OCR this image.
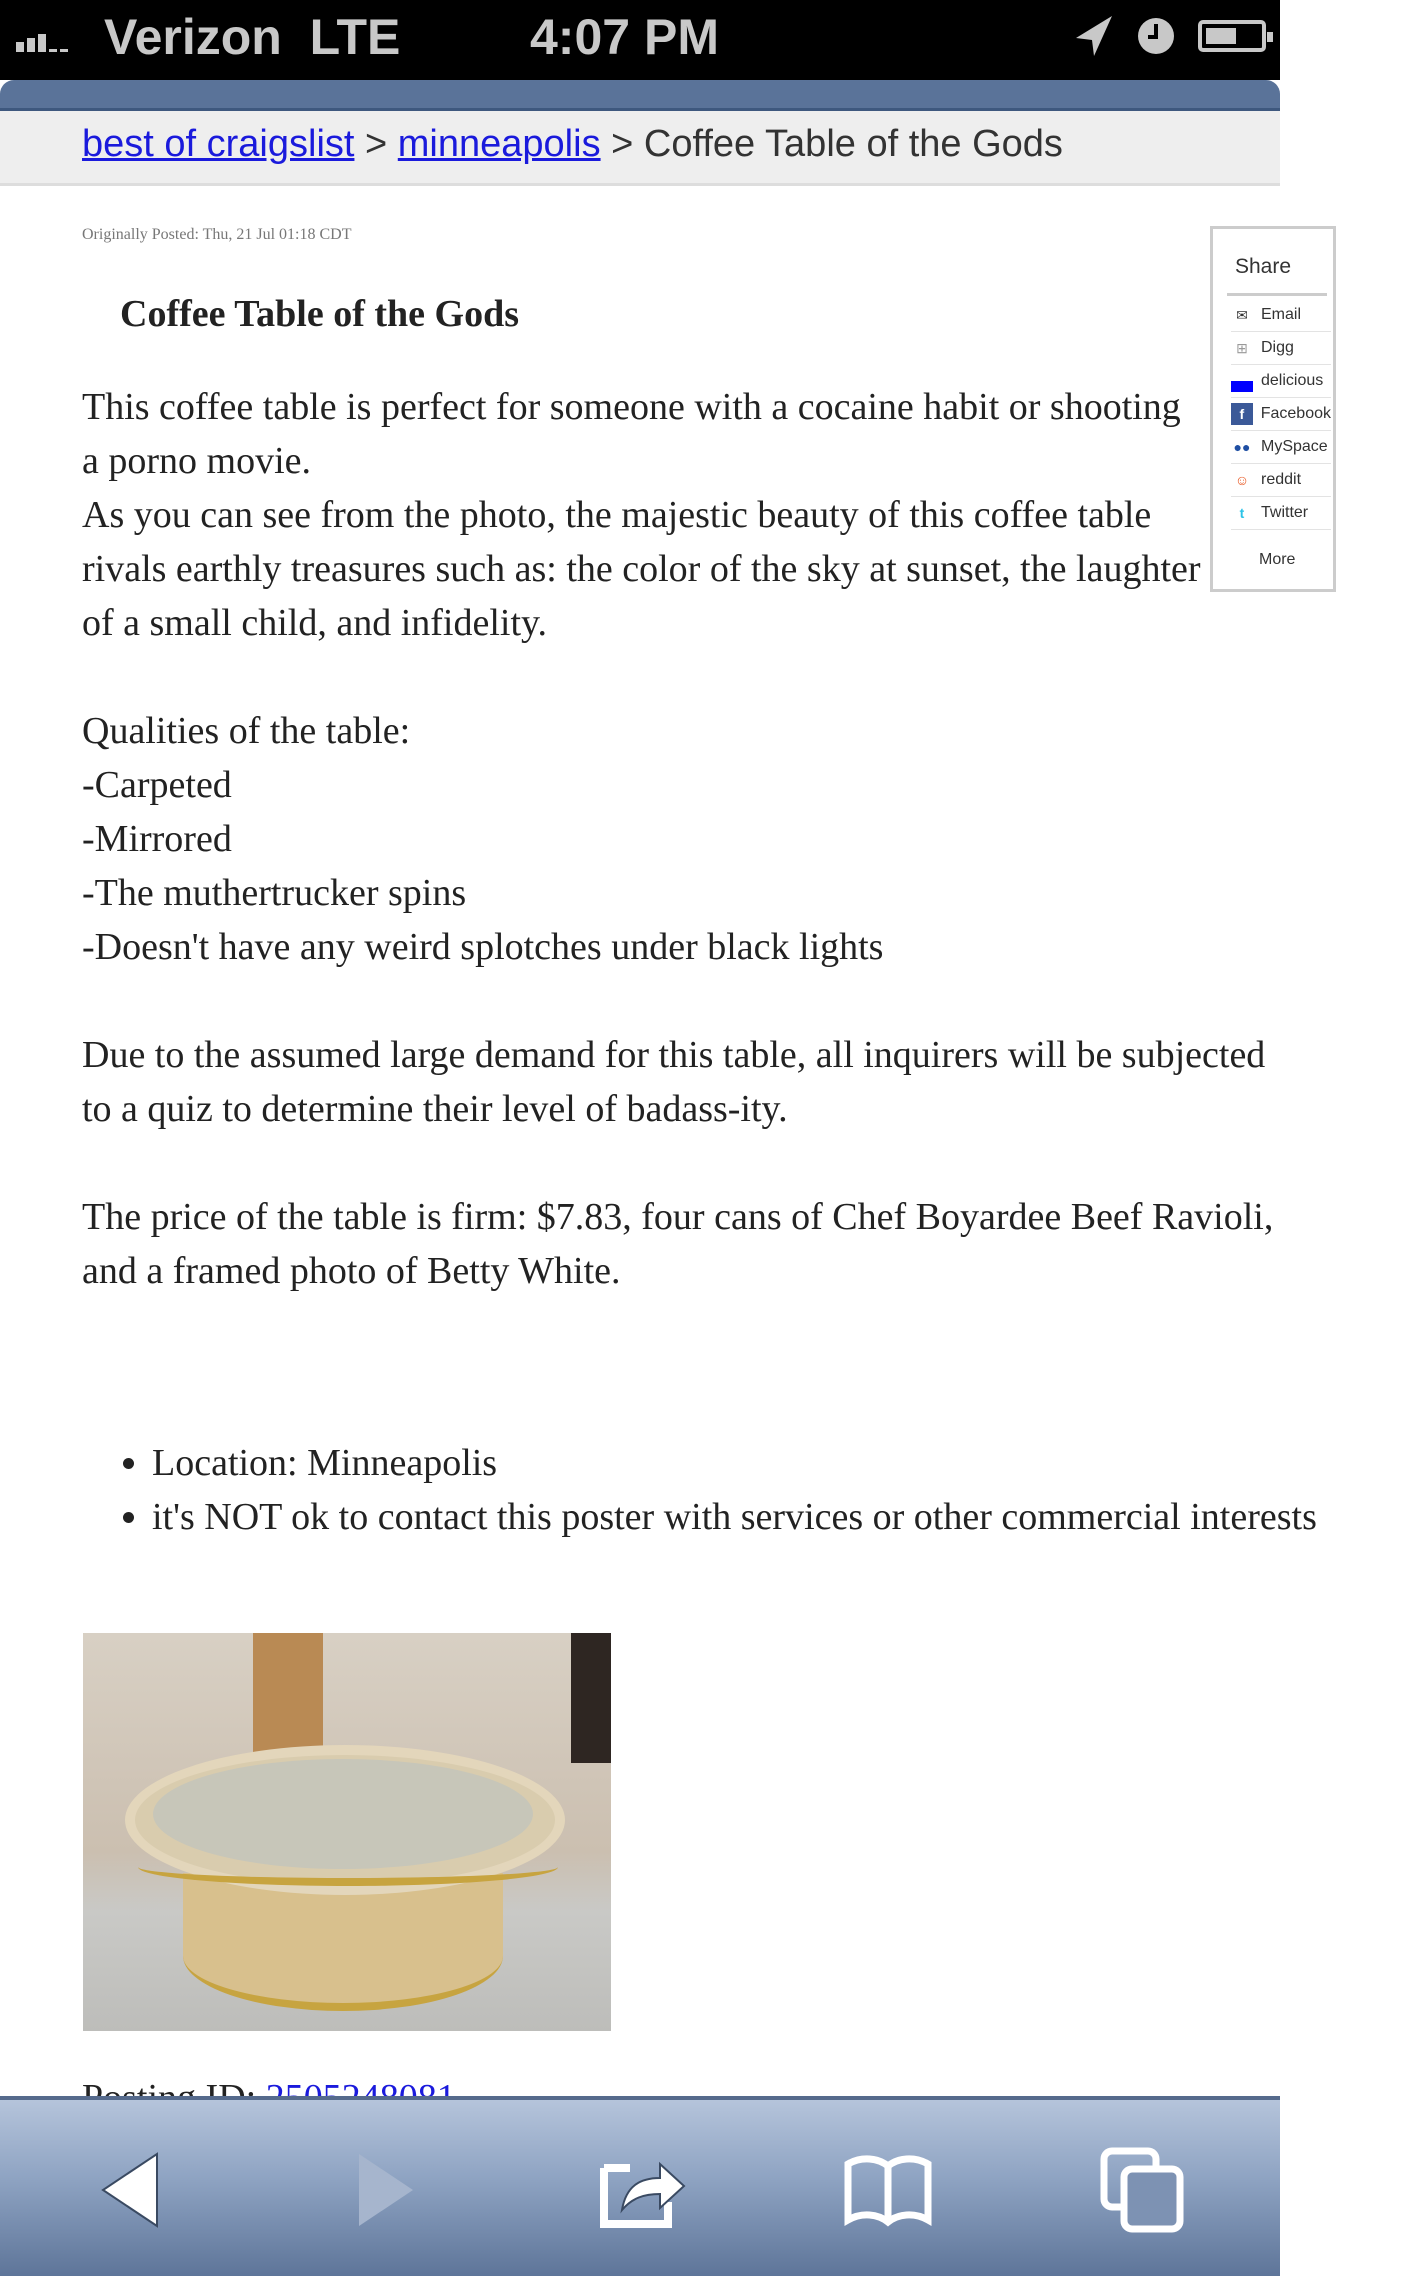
Verizon LTE	4:07 PM
best of craigslist > minneapolis > Coffee Table of the Gods
Originally Posted: Thu, 21 Jul 01:18 CDT
Coffee Table of the Gods

This coffee table is perfect for someone with a cocaine habit or shooting a porno movie.

As you can see from the photo, the majestic beauty of this coffee table rivals earthly treasures such as: the color of the sky at sunset, the laughter of a small child, and infidelity.

Qualities of the table:

-Carpeted

-Mirrored

-The muthertrucker spins

-Doesn't have any weird splotches under black lights

Due to the assumed large demand for this table, all inquirers will be subjected to a quiz to determine their level of badass-ity.

The price of the table is firm: $7.83, four cans of Chef Boyardee Beef Ravioli, and a framed photo of Betty White.

Share
✉ Email
⊞ Digg
delicious
f	Facebook
●● MySpace
☺ reddit
t	Twitter
More
• Location: Minneapolis
• it's NOT ok to contact this poster with services or other commercial interests
